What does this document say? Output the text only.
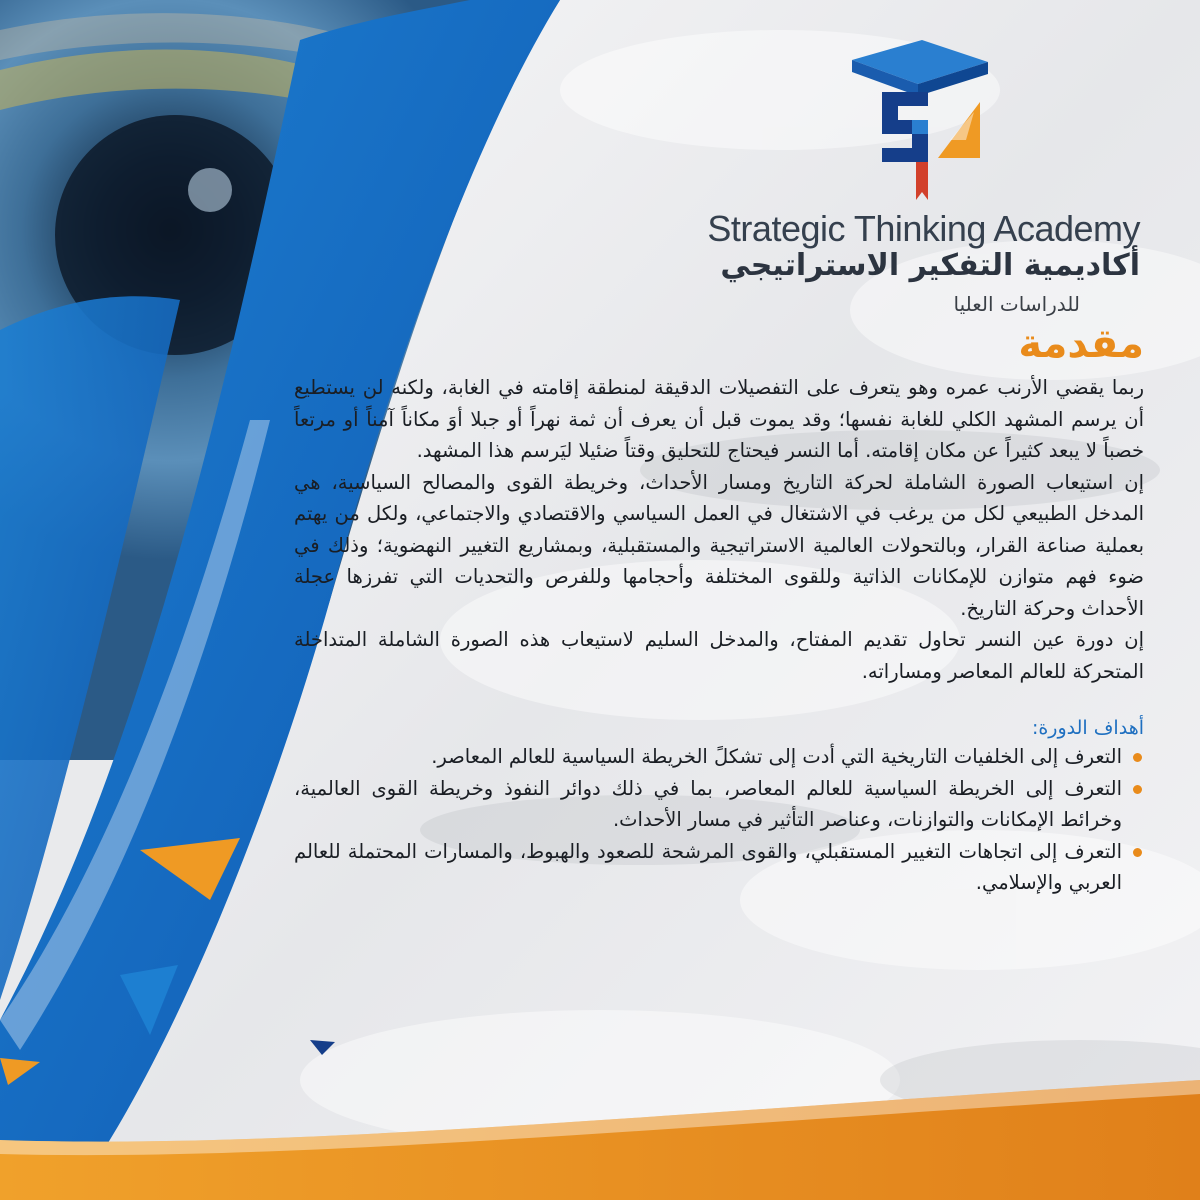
Strategic Thinking Academy
أكاديمية التفكير الاستراتيجي
للدراسات العليا
مقدمة

ربما يقضي الأرنب عمره وهو يتعرف على التفصيلات الدقيقة لمنطقة إقامته في الغابة، ولكنه لن يستطيع أن يرسم المشهد الكلي للغابة نفسها؛ وقد يموت قبل أن يعرف أن ثمة نهراً أو جبلا أوَ مكاناً آمناً أو مرتعاً خصباً لا يبعد كثيراً عن مكان إقامته. أما النسر فيحتاج للتحليق وقتاً ضئيلا ليَرسم هذا المشهد.

إن استيعاب الصورة الشاملة لحركة التاريخ ومسار الأحداث، وخريطة القوى والمصالح السياسية، هي المدخل الطبيعي لكل من يرغب في الاشتغال في العمل السياسي والاقتصادي والاجتماعي، ولكل من يهتم بعملية صناعة القرار، وبالتحولات العالمية الاستراتيجية والمستقبلية، وبمشاريع التغيير النهضوية؛ وذلك في ضوء فهم متوازن للإمكانات الذاتية وللقوى المختلفة وأحجامها وللفرص والتحديات التي تفرزها عجلة الأحداث وحركة التاريخ.

إن دورة عين النسر تحاول تقديم المفتاح، والمدخل السليم لاستيعاب هذه الصورة الشاملة المتداخلة المتحركة للعالم المعاصر ومساراته.

أهداف الدورة:
التعرف إلى الخلفيات التاريخية التي أدت إلى تشكلً الخريطة السياسية للعالم المعاصر.
التعرف إلى الخريطة السياسية للعالم المعاصر، بما في ذلك دوائر النفوذ وخريطة القوى العالمية، وخرائط الإمكانات والتوازنات، وعناصر التأثير في مسار الأحداث.
التعرف إلى اتجاهات التغيير المستقبلي، والقوى المرشحة للصعود والهبوط، والمسارات المحتملة للعالم العربي والإسلامي.
